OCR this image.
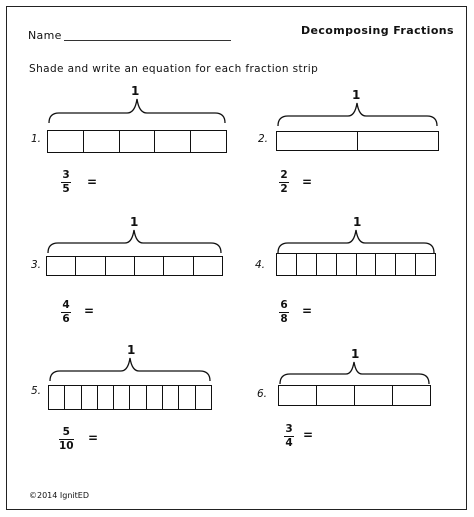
Name	Decomposing Fractions
Shade and write an equation for each fraction strip
1.
1
3
5 =
2.
1
2
2 =
3.
1
4
6
=
4.
1
6
8
=
5.
1
5
10
=
6.
1
3
4
=
©2014 IgnitED
